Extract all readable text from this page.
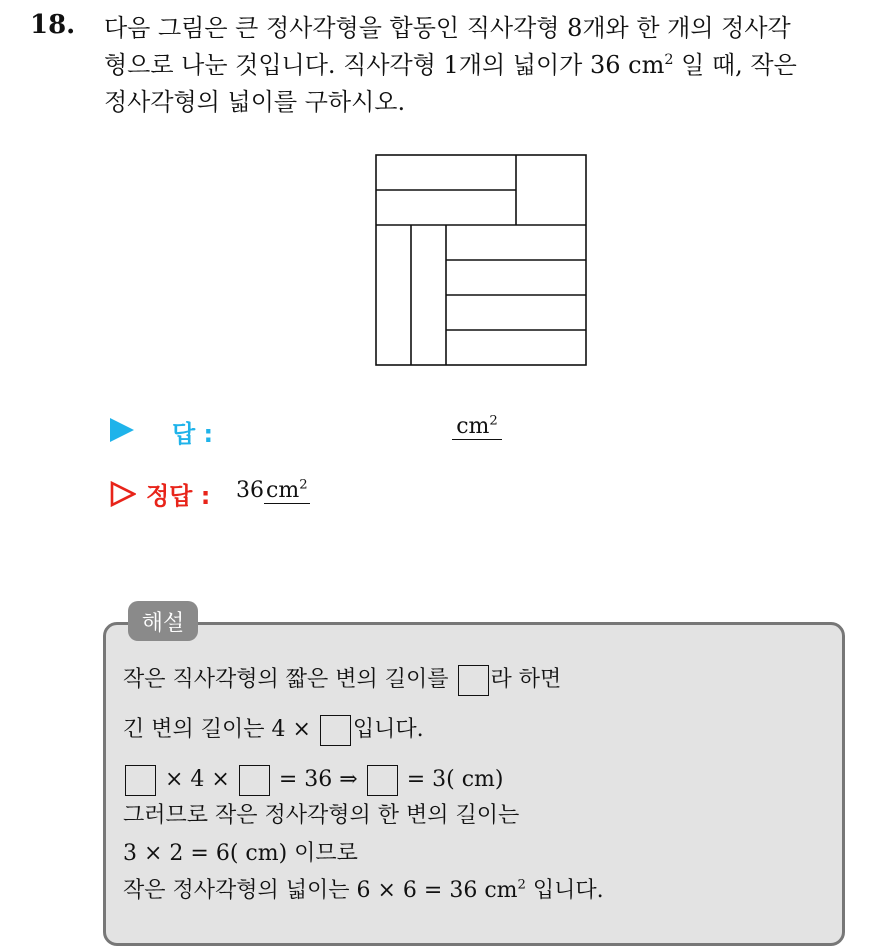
18. 다음 그림은 큰 정사각형을 합동인 직사각형 8개와 한 개의 정사각
형으로 나눈 것입니다. 직사각형 1개의 넓이가 36 $cm^2$ 일 때, 작은
정사각형의 넓이를 구하시오.
답 :	$cm^2$
정답 : $36cm^2$
해설
작은 직사각형의 짧은 변의 길이를 라 하면
긴 변의 길이는 4 × 입니다.
× 4 × = 36 ⇒ = 3( cm)
그러므로 작은 정사각형의 한 변의 길이는
3 × 2 = 6( cm) 이므로
작은 정사각형의 넓이는 6 × 6 = 36 $cm^2$ 입니다.
